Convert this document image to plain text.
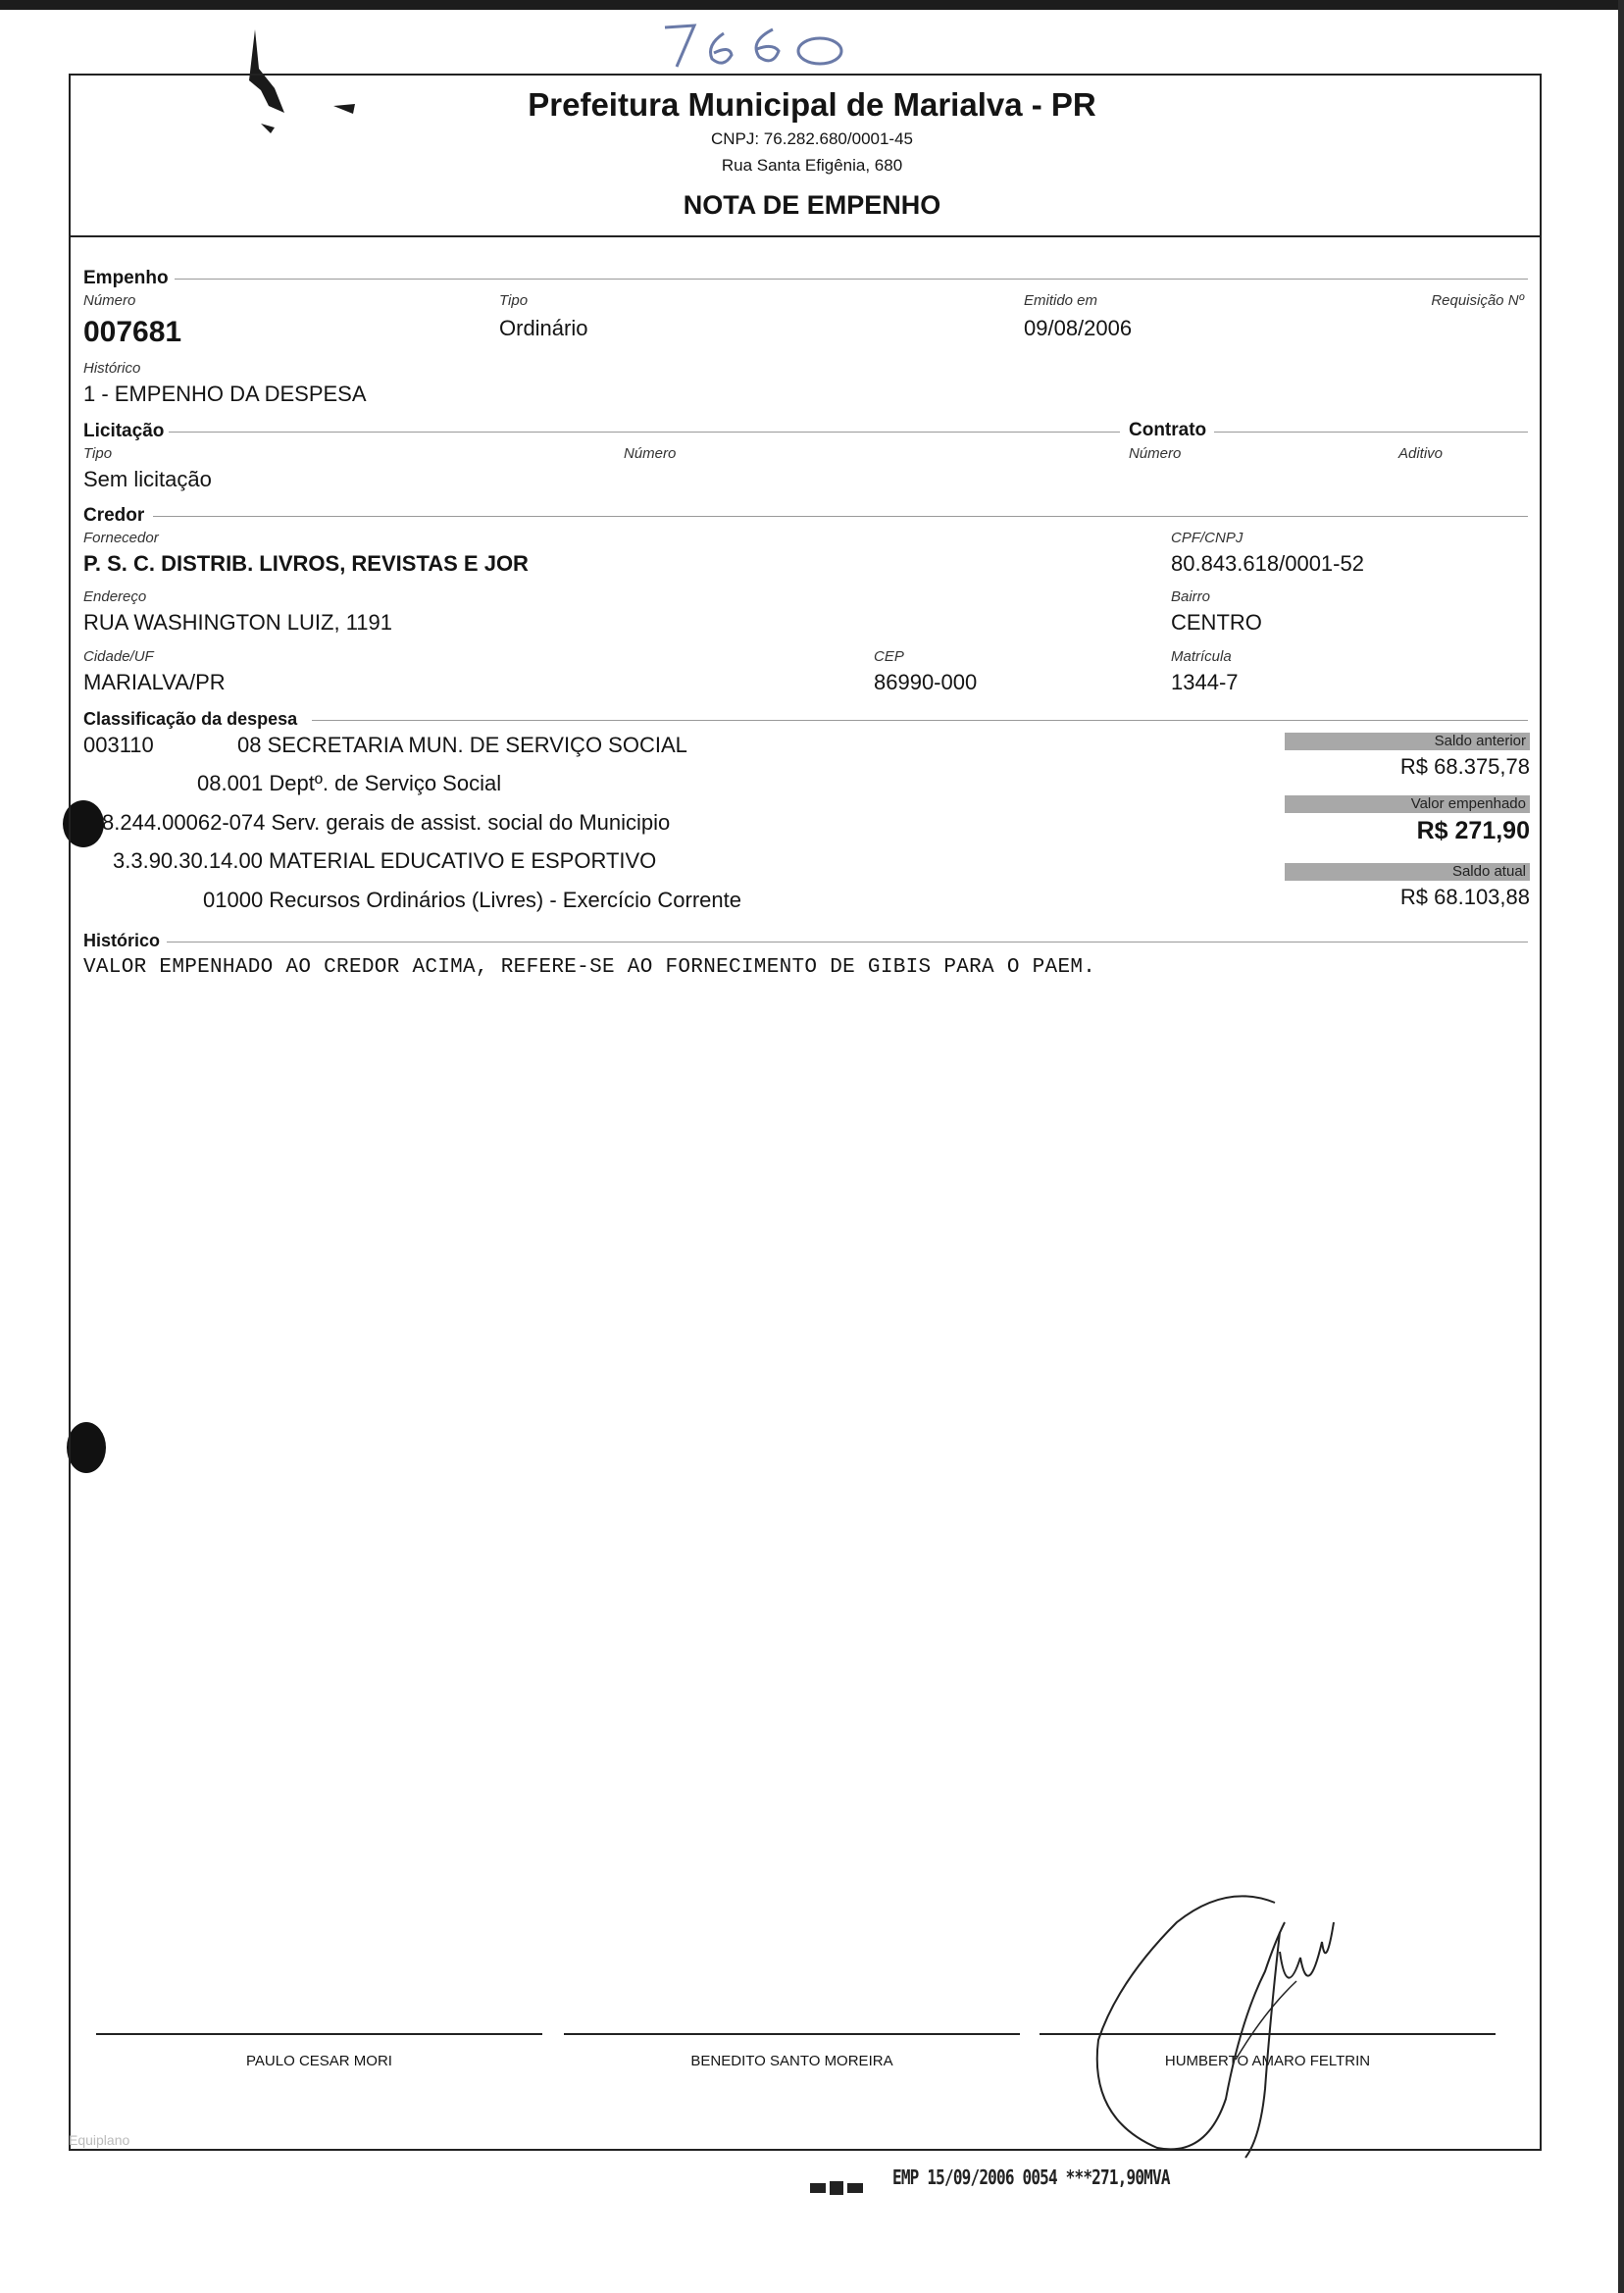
Prefeitura Municipal de Marialva - PR
CNPJ: 76.282.680/0001-45
Rua Santa Efigênia, 680
NOTA DE EMPENHO
Empenho
Número
007681
Tipo
Ordinário
Emitido em
09/08/2006
Requisição Nº
Histórico
1 - EMPENHO DA DESPESA
Licitação
Tipo
Sem licitação
Número
Contrato
Número	Aditivo
Credor
Fornecedor
P. S. C. DISTRIB. LIVROS, REVISTAS E JOR
CPF/CNPJ
80.843.618/0001-52
Endereço
RUA WASHINGTON LUIZ, 1191
Bairro
CENTRO
Cidade/UF
MARIALVA/PR
CEP
86990-000
Matrícula
1344-7
Classificação da despesa
003110	08 SECRETARIA MUN. DE SERVIÇO SOCIAL
08.001 Deptº. de Serviço Social
8.244.00062-074 Serv. gerais de assist. social do Municipio
3.3.90.30.14.00 MATERIAL EDUCATIVO E ESPORTIVO
01000 Recursos Ordinários (Livres) - Exercício Corrente
Saldo anterior
R$ 68.375,78
Valor empenhado
R$ 271,90
Saldo atual
R$ 68.103,88
Histórico
VALOR EMPENHADO AO CREDOR ACIMA, REFERE-SE AO FORNECIMENTO DE GIBIS PARA O PAEM.
PAULO CESAR MORI	BENEDITO SANTO MOREIRA	HUMBERTO AMARO FELTRIN
Equiplano
EMP 15/09/2006 0054 ***271,90MVA
